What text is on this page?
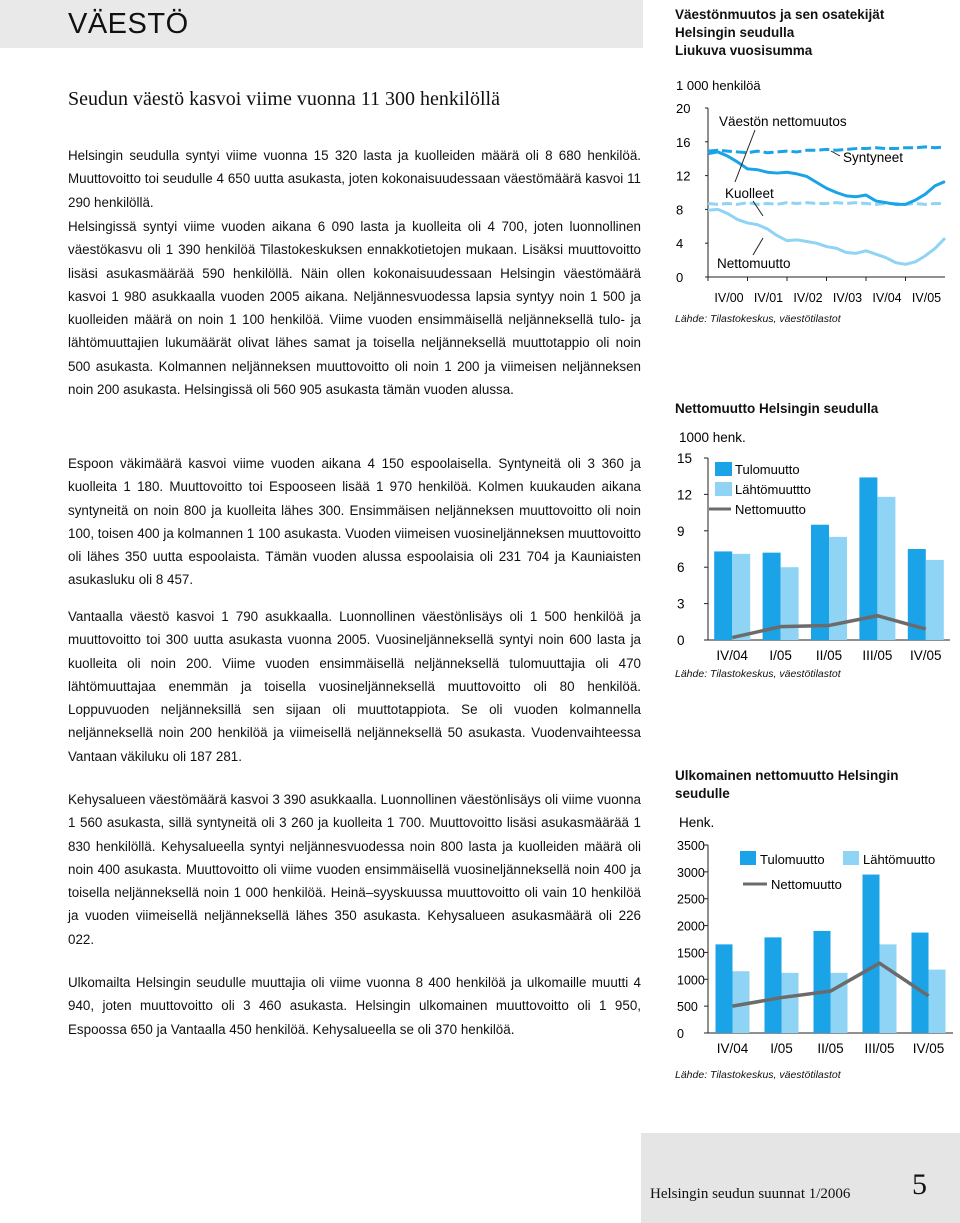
VÄESTÖ
Seudun väestö kasvoi viime vuonna 11 300 henkilöllä

Helsingin seudulla syntyi viime vuonna 15 320 lasta ja kuolleiden määrä oli 8 680 henkilöä. Muuttovoitto toi seudulle 4 650 uutta asukasta, joten kokonaisuudessaan väestömäärä kasvoi 11 290 henkilöllä.

Helsingissä syntyi viime vuoden aikana 6 090 lasta ja kuolleita oli 4 700, joten luonnollinen väestökasvu oli 1 390 henkilöä Tilastokeskuksen ennakkotietojen mukaan. Lisäksi muuttovoitto lisäsi asukasmäärää 590 henkilöllä. Näin ollen kokonaisuudessaan Helsingin väestömäärä kasvoi 1 980 asukkaalla vuoden 2005 aikana. Neljännesvuodessa lapsia syntyy noin 1 500 ja kuolleiden määrä on noin 1 100 henkilöä. Viime vuoden ensimmäisellä neljänneksellä tulo- ja lähtömuuttajien lukumäärät olivat lähes samat ja toisella neljänneksellä muuttotappio oli noin 500 asukasta. Kolmannen neljänneksen muuttovoitto oli noin 1 200 ja viimeisen neljänneksen noin 200 asukasta. Helsingissä oli 560 905 asukasta tämän vuoden alussa.

Espoon väkimäärä kasvoi viime vuoden aikana 4 150 espoolaisella. Syntyneitä oli 3 360 ja kuolleita 1 180. Muuttovoitto toi Espooseen lisää 1 970 henkilöä. Kolmen kuukauden aikana syntyneitä on noin 800 ja kuolleita lähes 300. Ensimmäisen neljänneksen muuttovoitto oli noin 100, toisen 400 ja kolmannen 1 100 asukasta. Vuoden viimeisen vuosineljänneksen muuttovoitto oli lähes 350 uutta espoolaista. Tämän vuoden alussa espoolaisia oli 231 704 ja Kauniaisten asukasluku oli 8 457.

Vantaalla väestö kasvoi 1 790 asukkaalla. Luonnollinen väestönlisäys oli 1 500 henkilöä ja muuttovoitto toi 300 uutta asukasta vuonna 2005. Vuosineljänneksellä syntyi noin 600 lasta ja kuolleita oli noin 200. Viime vuoden ensimmäisellä neljänneksellä tulomuuttajia oli 470 lähtömuuttajaa enemmän ja toisella vuosineljänneksellä muuttovoitto oli 80 henkilöä. Loppuvuoden neljänneksillä sen sijaan oli muuttotappiota. Se oli vuoden kolmannella neljänneksellä noin 200 henkilöä ja viimeisellä neljänneksellä 50 asukasta. Vuodenvaihteessa Vantaan väkiluku oli 187 281.

Kehysalueen väestömäärä kasvoi 3 390 asukkaalla. Luonnollinen väestönlisäys oli viime vuonna 1 560 asukasta, sillä syntyneitä oli 3 260 ja kuolleita 1 700. Muuttovoitto lisäsi asukasmäärää 1 830 henkilöllä. Kehysalueella syntyi neljännesvuodessa noin 800 lasta ja kuolleiden määrä oli noin 400 asukasta. Muuttovoitto oli viime vuoden ensimmäisellä vuosineljänneksellä noin 400 ja toisella neljänneksellä noin 1 000 henkilöä. Heinä–syyskuussa muuttovoitto oli vain 10 henkilöä ja vuoden viimeisellä neljänneksellä lähes 350 asukasta. Kehysalueen asukasmäärä oli 226 022.

Ulkomailta Helsingin seudulle muuttajia oli viime vuonna 8 400 henkilöä ja ulkomaille muutti 4 940, joten muuttovoitto oli 3 460 asukasta. Helsingin ulkomainen muuttovoitto oli 1 950, Espoossa 650 ja Vantaalla 450 henkilöä. Kehysalueella se oli 370 henkilöä.

Väestönmuutos ja sen osatekijät
Helsingin seudulla
Liukuva vuosisumma
1 000 henkilöä
0
4
8
12
16
20
IV/00 IV/01 IV/02 IV/03 IV/04 IV/05
Väestön nettomuutos
Syntyneet
Kuolleet
Nettomuutto
Lähde: Tilastokeskus, väestötilastot
Nettomuutto Helsingin seudulla
1000 henk.
0
3
6
9
12
15
IV/04 I/05 II/05 III/05 IV/05
Tulomuutto
Lähtömuuttto
Nettomuutto
Lähde: Tilastokeskus, väestötilastot
Ulkomainen nettomuutto Helsingin
seudulle
Henk.
0
500
1000
1500
2000
2500
3000
3500
IV/04 I/05 II/05 III/05 IV/05
Tulomuutto	Lähtömuutto
Nettomuutto
Lähde: Tilastokeskus, väestötilastot
Helsingin seudun suunnat 1/2006 5
